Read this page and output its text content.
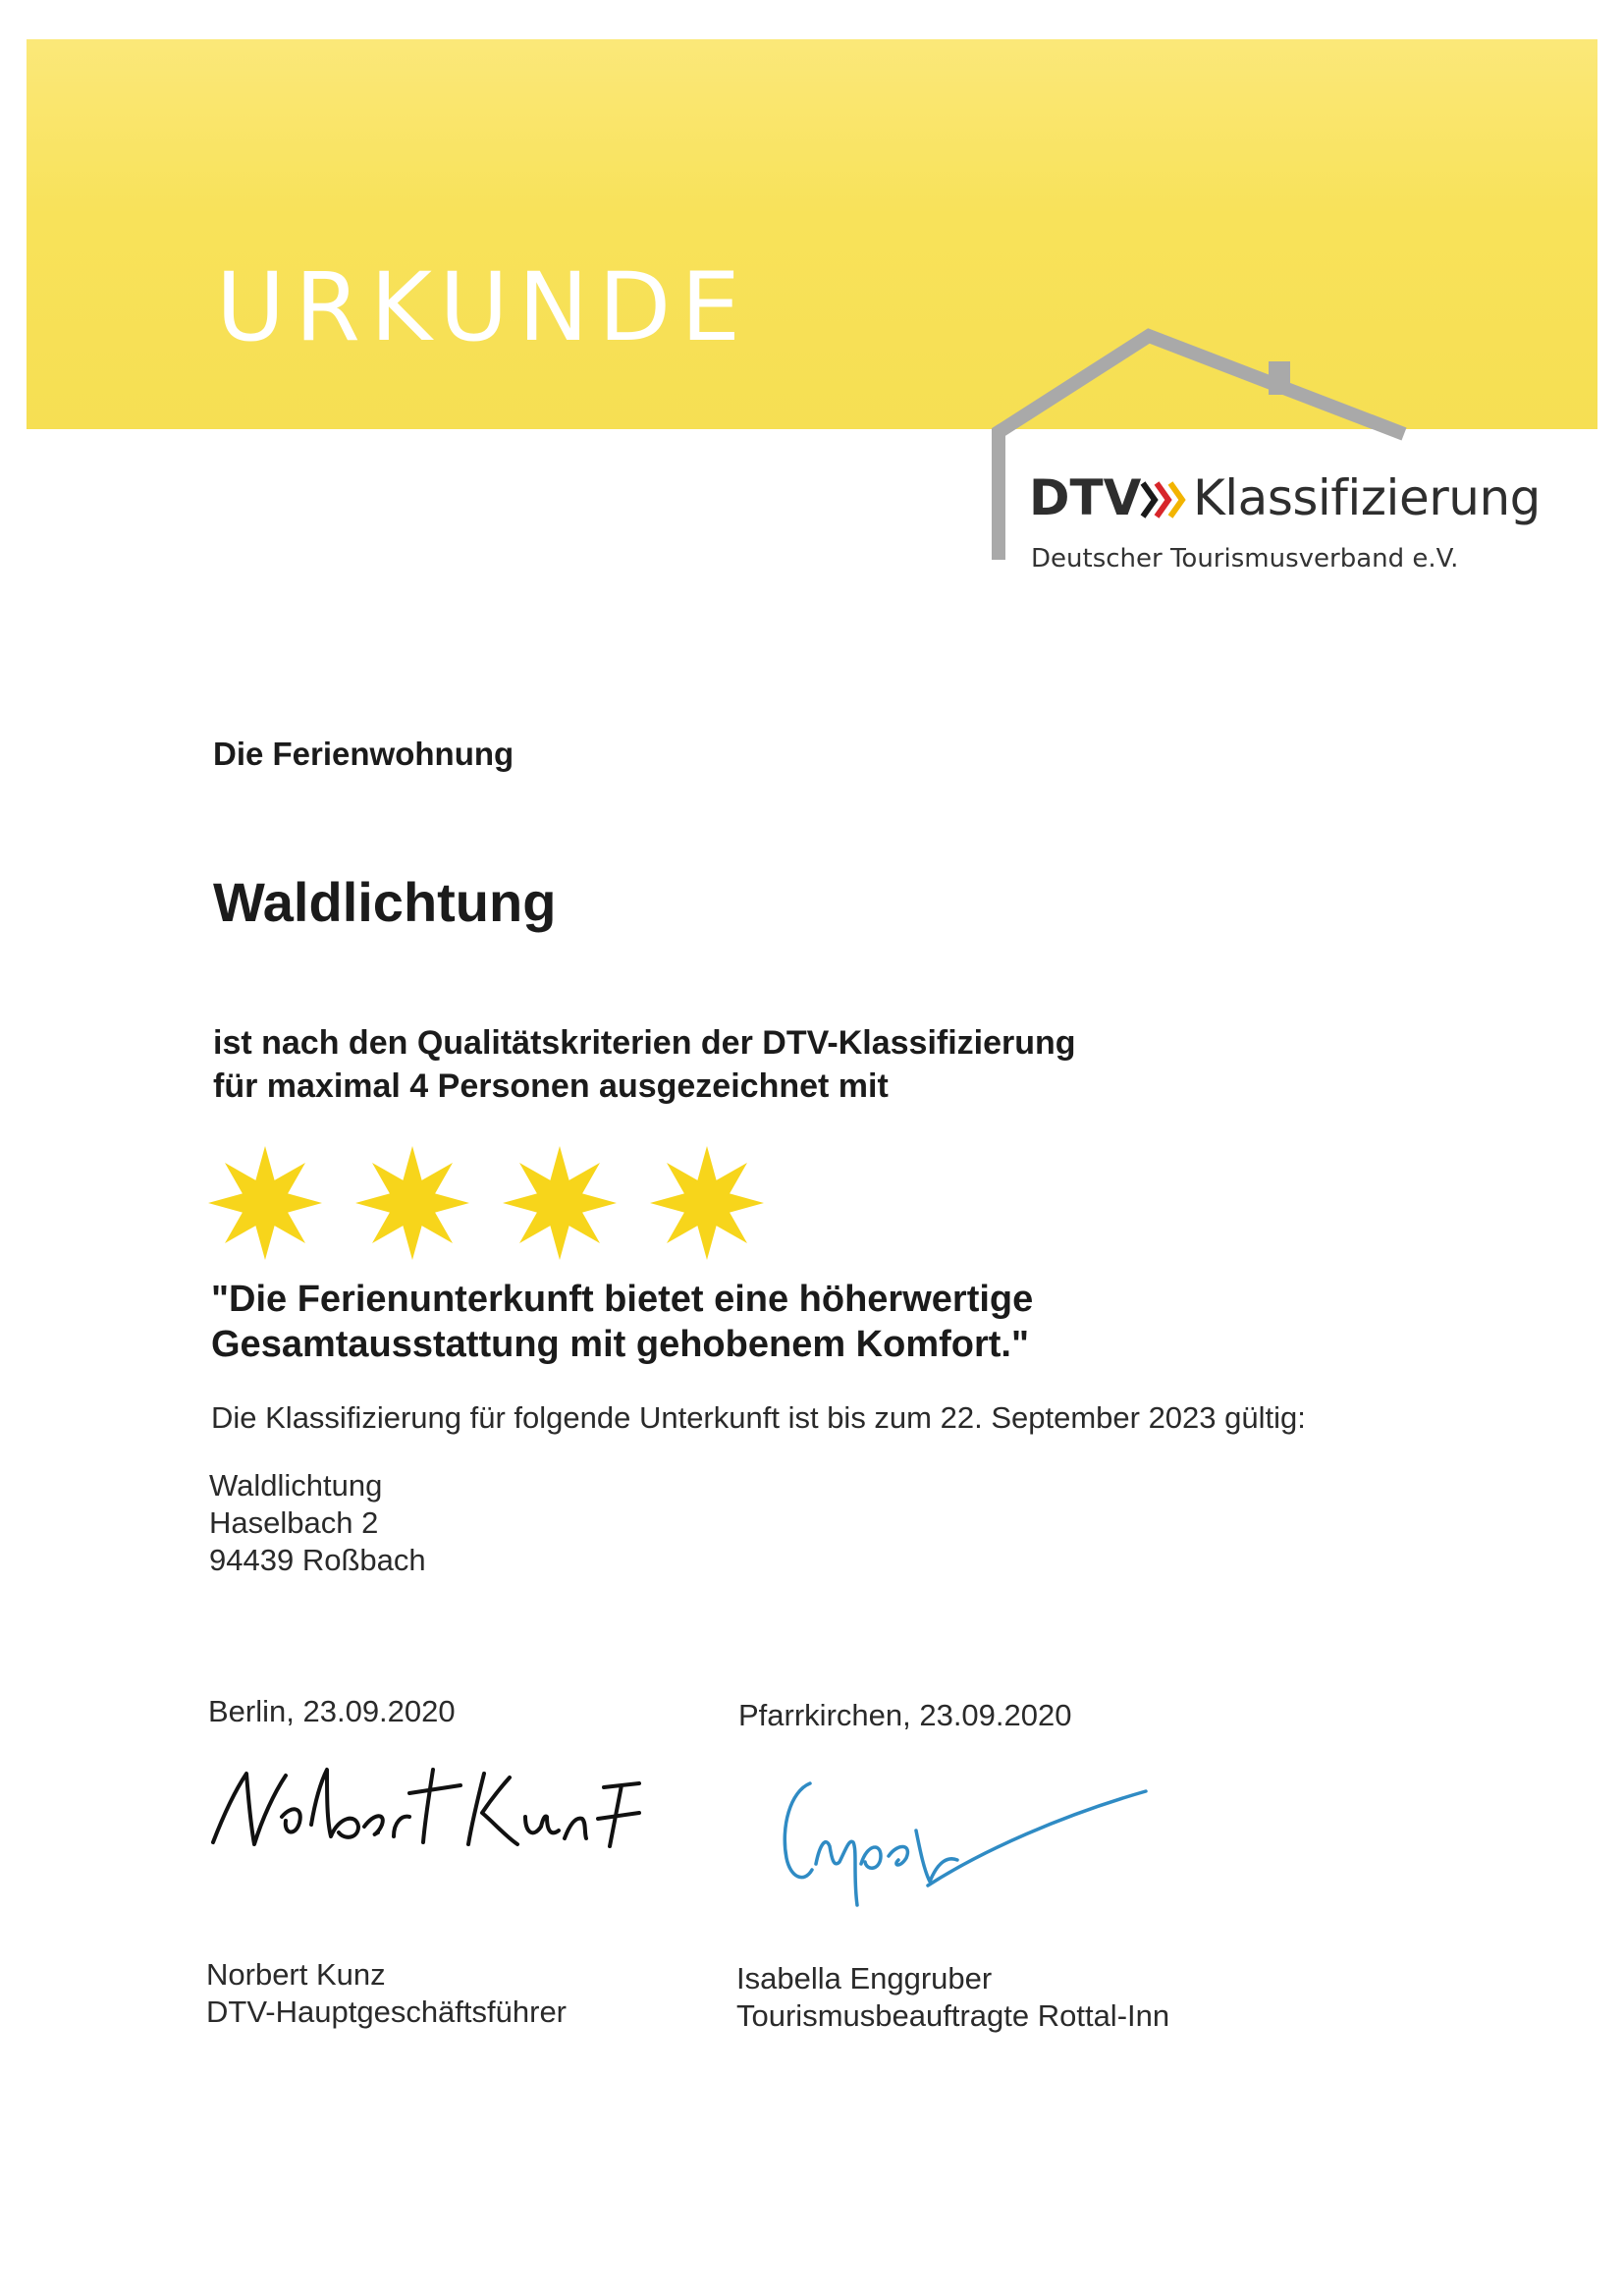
URKUNDE
DTV Klassifizierung
Deutscher Tourismusverband e.V.
Die Ferienwohnung
Waldlichtung
ist nach den Qualitätskriterien der DTV-Klassifizierung
für maximal 4 Personen ausgezeichnet mit
"Die Ferienunterkunft bietet eine höherwertige
Gesamtausstattung mit gehobenem Komfort."
Die Klassifizierung für folgende Unterkunft ist bis zum 22. September 2023 gültig:
Waldlichtung
Haselbach 2
94439 Roßbach
Berlin, 23.09.2020	Pfarrkirchen, 23.09.2020
Norbert Kunz
DTV-Hauptgeschäftsführer
Isabella Enggruber
Tourismusbeauftragte Rottal-Inn
